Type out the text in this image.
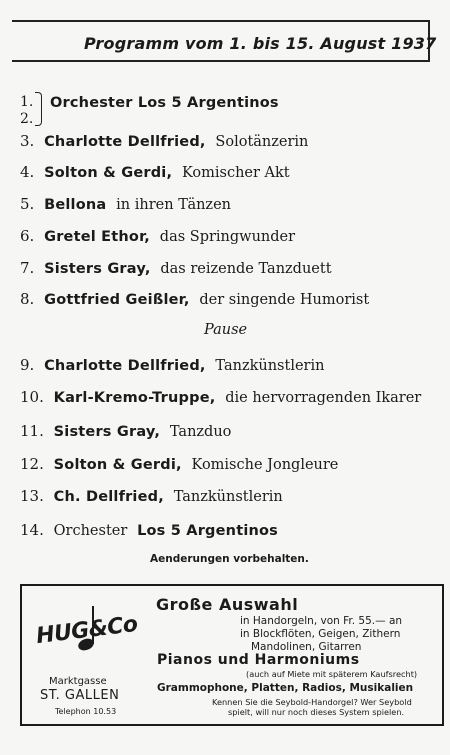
Programm vom 1. bis 15. August 1937
1.
2.
Orchester Los 5 Argentinos
3. Charlotte Dellfried, Solotänzerin
4. Solton & Gerdi, Komischer Akt
5. Bellona in ihren Tänzen
6. Gretel Ethor, das Springwunder
7. Sisters Gray, das reizende Tanzduett
8. Gottfried Geißler, der singende Humorist
Pause
9. Charlotte Dellfried, Tanzkünstlerin
10. Karl-Kremo-Truppe, die hervorragenden Ikarer
11. Sisters Gray, Tanzduo
12. Solton & Gerdi, Komische Jongleure
13. Ch. Dellfried, Tanzkünstlerin
14. Orchester Los 5 Argentinos
Aenderungen vorbehalten.
HUG&Co
Marktgasse
ST. GALLEN
Telephon 10.53
Große Auswahl
in Handorgeln, von Fr. 55.— an
in Blockflöten, Geigen, Zithern
Mandolinen, Gitarren
Pianos und Harmoniums
(auch auf Miete mit späterem Kaufsrecht)
Grammophone, Platten, Radios, Musikalien
Kennen Sie die Seybold-Handorgel? Wer Seybold
spielt, will nur noch dieses System spielen.
